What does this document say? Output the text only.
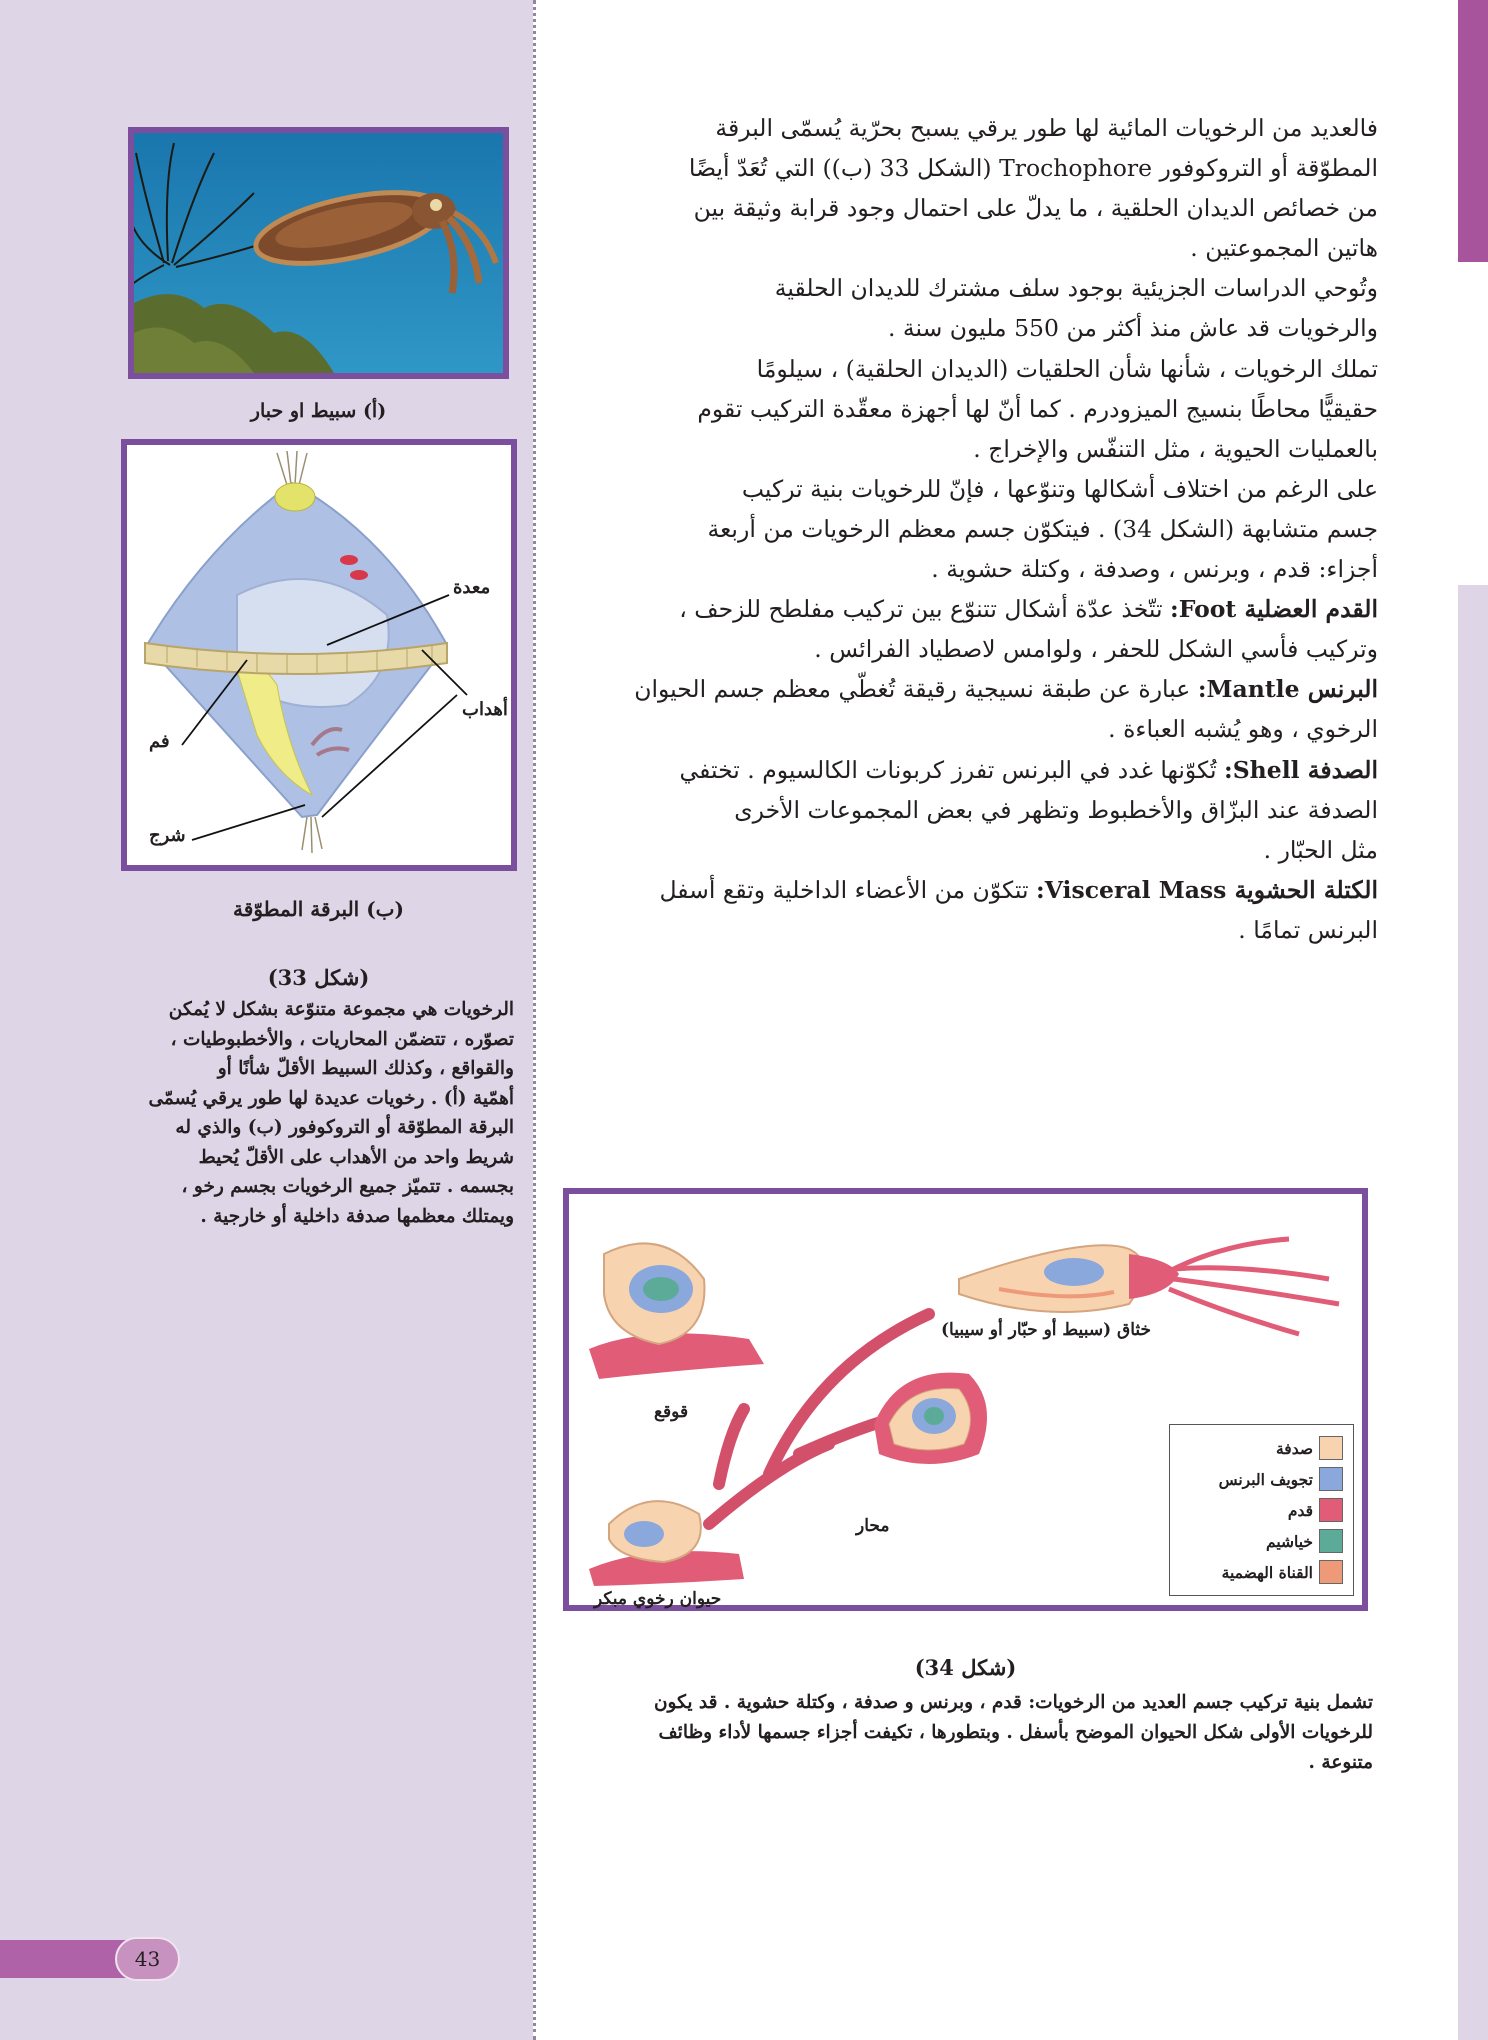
(أ) سبيط او حبار
معدة
أهداب
فم
شرج
(ب) البرقة المطوّقة
(شكل 33)
الرخويات هي مجموعة متنوّعة بشكل لا يُمكن
تصوّره ، تتضمّن المحاريات ، والأخطبوطيات ،
والقواقع ، وكذلك السبيط الأقلّ شأنًا أو
أهمّية (أ) . رخويات عديدة لها طور يرقي يُسمّى
البرقة المطوّقة أو التروكوفور (ب) والذي له
شريط واحد من الأهداب على الأقلّ يُحيط
بجسمه . تتميّز جميع الرخويات بجسم رخو ،
ويمتلك معظمها صدفة داخلية أو خارجية .
فالعديد من الرخويات المائية لها طور يرقي يسبح بحرّية يُسمّى البرقة
المطوّقة أو التروكوفور Trochophore (الشكل 33 (ب)) التي تُعَدّ أيضًا
من خصائص الديدان الحلقية ، ما يدلّ على احتمال وجود قرابة وثيقة بين
هاتين المجموعتين .
وتُوحي الدراسات الجزيئية بوجود سلف مشترك للديدان الحلقية
والرخويات قد عاش منذ أكثر من 550 مليون سنة .
تملك الرخويات ، شأنها شأن الحلقيات (الديدان الحلقية) ، سيلومًا
حقيقيًّا محاطًا بنسيج الميزودرم . كما أنّ لها أجهزة معقّدة التركيب تقوم
بالعمليات الحيوية ، مثل التنفّس والإخراج .
على الرغم من اختلاف أشكالها وتنوّعها ، فإنّ للرخويات بنية تركيب
جسم متشابهة (الشكل 34) . فيتكوّن جسم معظم الرخويات من أربعة
أجزاء: قدم ، وبرنس ، وصدفة ، وكتلة حشوية .
القدم العضلية Foot: تتّخذ عدّة أشكال تتنوّع بين تركيب مفلطح للزحف ،
وتركيب فأسي الشكل للحفر ، ولوامس لاصطياد الفرائس .
البرنس Mantle: عبارة عن طبقة نسيجية رقيقة تُغطّي معظم جسم الحيوان
الرخوي ، وهو يُشبه العباءة .
الصدفة Shell: تُكوّنها غدد في البرنس تفرز كربونات الكالسيوم . تختفي
الصدفة عند البزّاق والأخطبوط وتظهر في بعض المجموعات الأخرى
مثل الحبّار .
الكتلة الحشوية Visceral Mass: تتكوّن من الأعضاء الداخلية وتقع أسفل
البرنس تمامًا .
خثاق (سبيط أو حبّار أو سيبيا)
قوقع
محار
حيوان رخوي مبكر
صدفة
تجويف البرنس
قدم
خياشيم
القناة الهضمية
(شكل 34)
تشمل بنية تركيب جسم العديد من الرخويات: قدم ، وبرنس و صدفة ، وكتلة حشوية . قد يكون
للرخويات الأولى شكل الحيوان الموضح بأسفل . وبتطورها ، تكيفت أجزاء جسمها لأداء وظائف
متنوعة .
43
